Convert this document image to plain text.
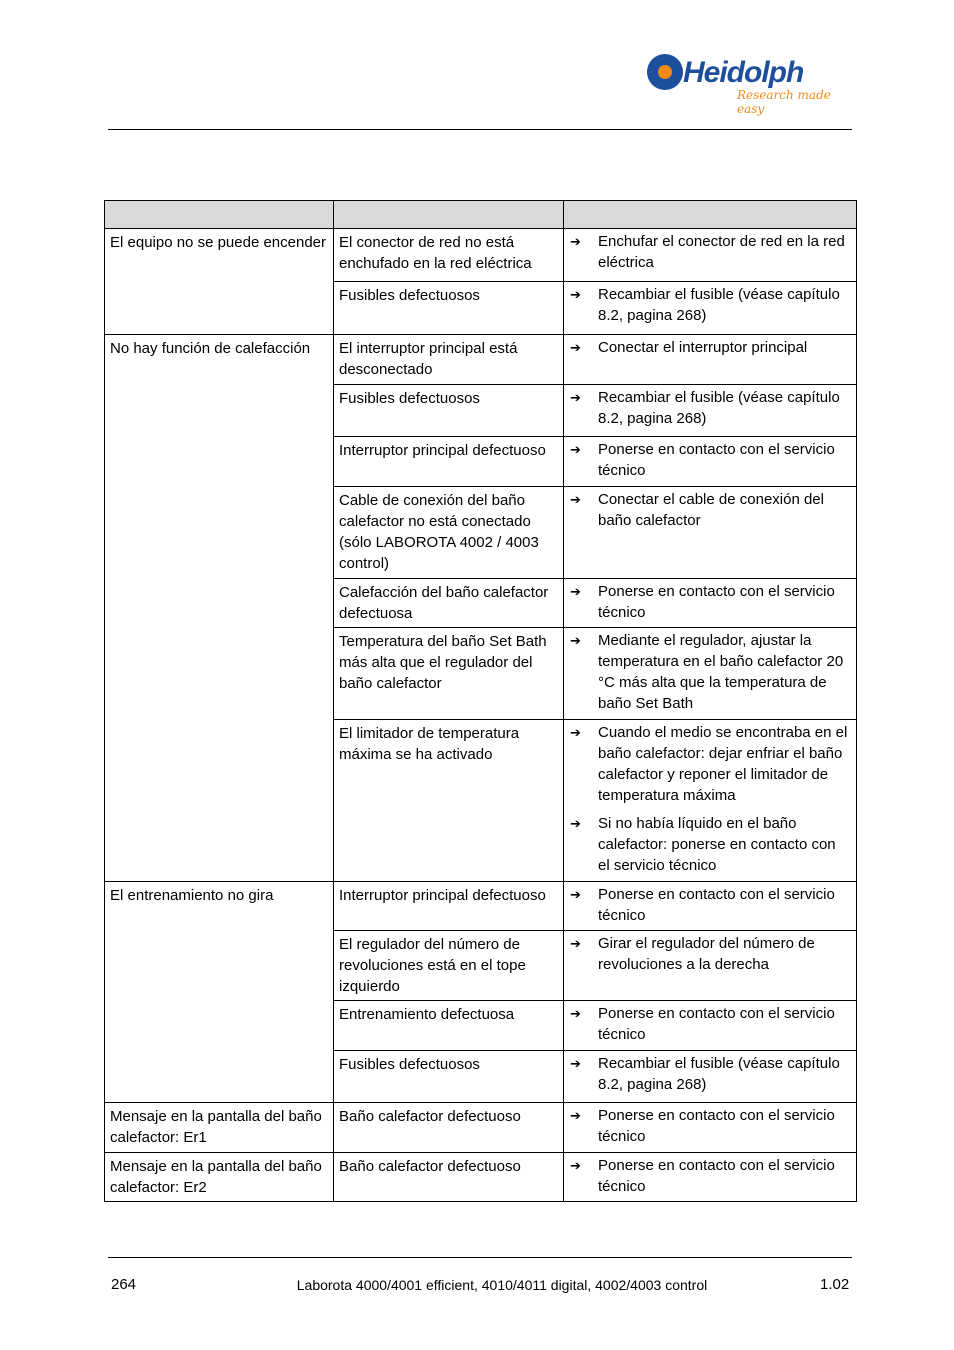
Heidolph
Research made easy

El equipo no se puede encender	El conector de red no está enchufado en la red eléctrica	➔ Enchufar el conector de red en la red eléctrica

	Fusibles defectuosos	➔ Recambiar el fusible (véase capítulo 8.2, pagina 268)

No hay función de calefacción	El interruptor principal está desconectado	➔ Conectar el interruptor principal

	Fusibles defectuosos	➔ Recambiar el fusible (véase capítulo 8.2, pagina 268)

	Interruptor principal defectuoso	➔ Ponerse en contacto con el servicio técnico

	Cable de conexión del baño calefactor no está conectado (sólo LABOROTA 4002 / 4003 control)	➔ Conectar el cable de conexión del baño calefactor

	Calefacción del baño calefactor defectuosa	➔ Ponerse en contacto con el servicio técnico

	Temperatura del baño Set Bath más alta que el regulador del baño calefactor	➔ Mediante el regulador, ajustar la temperatura en el baño calefactor 20 °C más alta que la temperatura de baño Set Bath

	El limitador de temperatura máxima se ha activado	➔ Cuando el medio se encontraba en el baño calefactor: dejar enfriar el baño calefactor y reponer el limitador de temperatura máxima
➔ Si no había líquido en el baño calefactor: ponerse en contacto con el servicio técnico

El entrenamiento no gira	Interruptor principal defectuoso	➔ Ponerse en contacto con el servicio técnico

	El regulador del número de revoluciones está en el tope izquierdo	➔ Girar el regulador del número de revoluciones a la derecha

	Entrenamiento defectuosa	➔ Ponerse en contacto con el servicio técnico

	Fusibles defectuosos	➔ Recambiar el fusible (véase capítulo 8.2, pagina 268)

Mensaje en la pantalla del baño calefactor: Er1	Baño calefactor defectuoso	➔ Ponerse en contacto con el servicio técnico

Mensaje en la pantalla del baño calefactor: Er2	Baño calefactor defectuoso	➔ Ponerse en contacto con el servicio técnico
264	Laborota 4000/4001 efficient, 4010/4011 digital, 4002/4003 control	1.02
